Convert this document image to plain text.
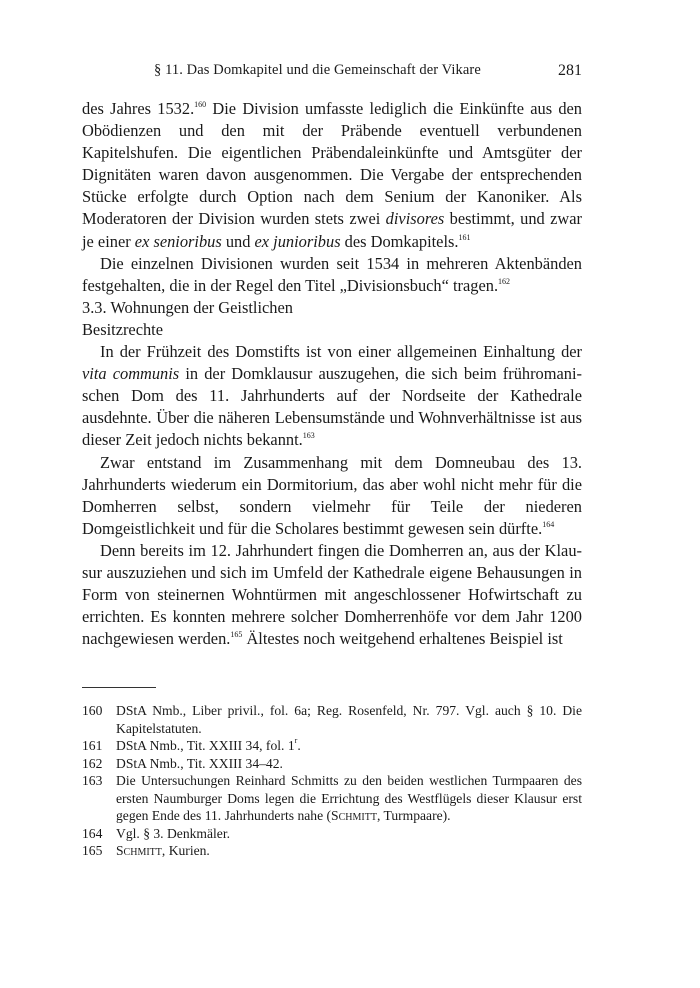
§ 11. Das Domkapitel und die Gemeinschaft der Vikare	281

des Jahres 1532.$^{160}$ Die Division umfasste lediglich die Einkünfte aus den Obödienzen und den mit der Präbende eventuell verbundenen Kapitelshufen. Die eigentlichen Präbendaleinkünfte und Amtsgüter der Dignitäten waren davon ausgenommen. Die Vergabe der entsprechenden Stücke erfolgte durch Option nach dem Senium der Kanoniker. Als Moderatoren der Division wurden stets zwei divisores bestimmt, und zwar je einer ex senioribus und ex junioribus des Domkapitels.$^{161}$

Die einzelnen Divisionen wurden seit 1534 in mehreren Aktenbänden festgehalten, die in der Regel den Titel „Divisionsbuch“ tragen.$^{162}$

3.3. Wohnungen der Geistlichen

Besitzrechte

In der Frühzeit des Domstifts ist von einer allgemeinen Einhaltung der vita communis in der Domklausur auszugehen, die sich beim frühromanischen Dom des 11. Jahrhunderts auf der Nordseite der Kathedrale ausdehnte. Über die näheren Lebensumstände und Wohnverhältnisse ist aus dieser Zeit jedoch nichts bekannt.$^{163}$

Zwar entstand im Zusammenhang mit dem Domneubau des 13. Jahrhunderts wiederum ein Dormitorium, das aber wohl nicht mehr für die Domherren selbst, sondern vielmehr für Teile der niederen Domgeistlichkeit und für die Scholares bestimmt gewesen sein dürfte.$^{164}$

Denn bereits im 12. Jahrhundert fingen die Domherren an, aus der Klausur auszuziehen und sich im Umfeld der Kathedrale eigene Behausungen in Form von steinernen Wohntürmen mit angeschlossener Hofwirtschaft zu errichten. Es konnten mehrere solcher Domherrenhöfe vor dem Jahr 1200 nachgewiesen werden.$^{165}$ Ältestes noch weitgehend erhaltenes Beispiel ist

160 DStA Nmb., Liber privil., fol. 6a; Reg. Rosenfeld, Nr. 797. Vgl. auch § 10. Die Kapitelstatuten.
161 DStA Nmb., Tit. XXIII 34, fol. 1$^r$.
162 DStA Nmb., Tit. XXIII 34–42.
163 Die Untersuchungen Reinhard Schmitts zu den beiden westlichen Turmpaaren des ersten Naumburger Doms legen die Errichtung des Westflügels dieser Klausur erst gegen Ende des 11. Jahrhunderts nahe (Schmitt, Turmpaare).
164 Vgl. § 3. Denkmäler.
165 Schmitt, Kurien.
